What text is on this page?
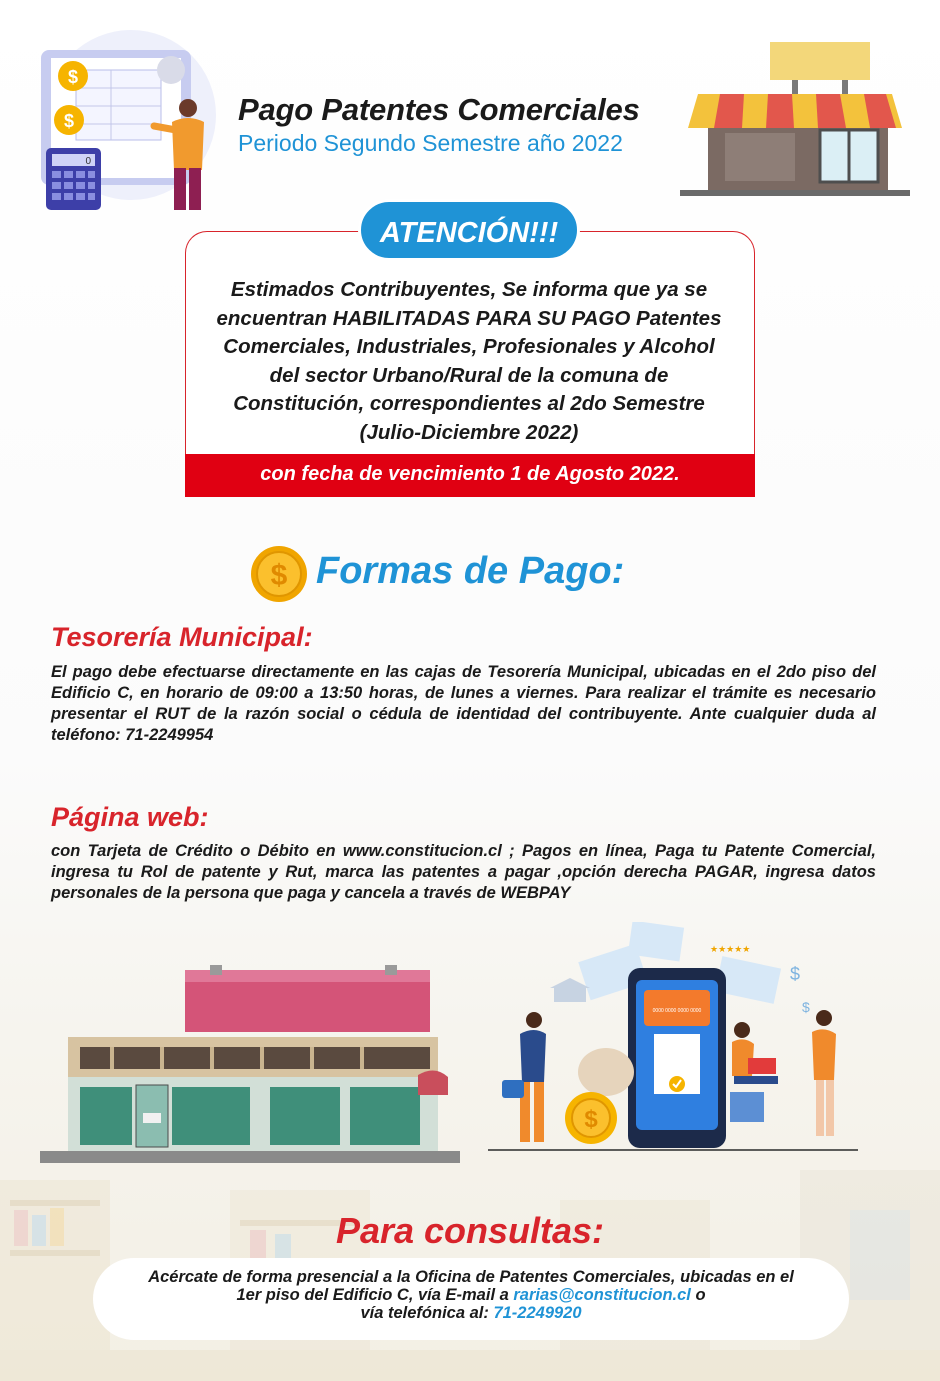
$
$
0
Pago Patentes Comerciales
Periodo Segundo Semestre año 2022
ATENCIÓN!!!
Estimados Contribuyentes, Se informa que ya se
encuentran HABILITADAS PARA SU PAGO Patentes
Comerciales, Industriales, Profesionales y Alcohol
del sector Urbano/Rural de la comuna de
Constitución, correspondientes al 2do Semestre
(Julio-Diciembre 2022)
con fecha de vencimiento 1 de Agosto 2022.
$ Formas de Pago:
Tesorería Municipal:
El pago debe efectuarse directamente en las cajas de Tesorería Municipal, ubicadas en el 2do piso del Edificio C, en horario de 09:00 a 13:50 horas, de lunes a viernes. Para realizar el trámite es necesario presentar el RUT de la razón social o cédula de identidad del contribuyente. Ante cualquier duda al teléfono: 71-2249954
Página web:
con Tarjeta de Crédito o Débito en www.constitucion.cl ; Pagos en línea, Paga tu Patente Comercial, ingresa tu Rol de patente y Rut, marca las patentes a pagar ,opción derecha PAGAR, ingresa datos personales de la persona que paga y cancela a través de WEBPAY
★★★★★
$
$
0000 0000 0000 0000
$
Para consultas:
Acércate de forma presencial a la Oficina de Patentes Comerciales, ubicadas en el
1er piso del Edificio C, vía E-mail a rarias@constitucion.cl o
vía telefónica al: 71-2249920
